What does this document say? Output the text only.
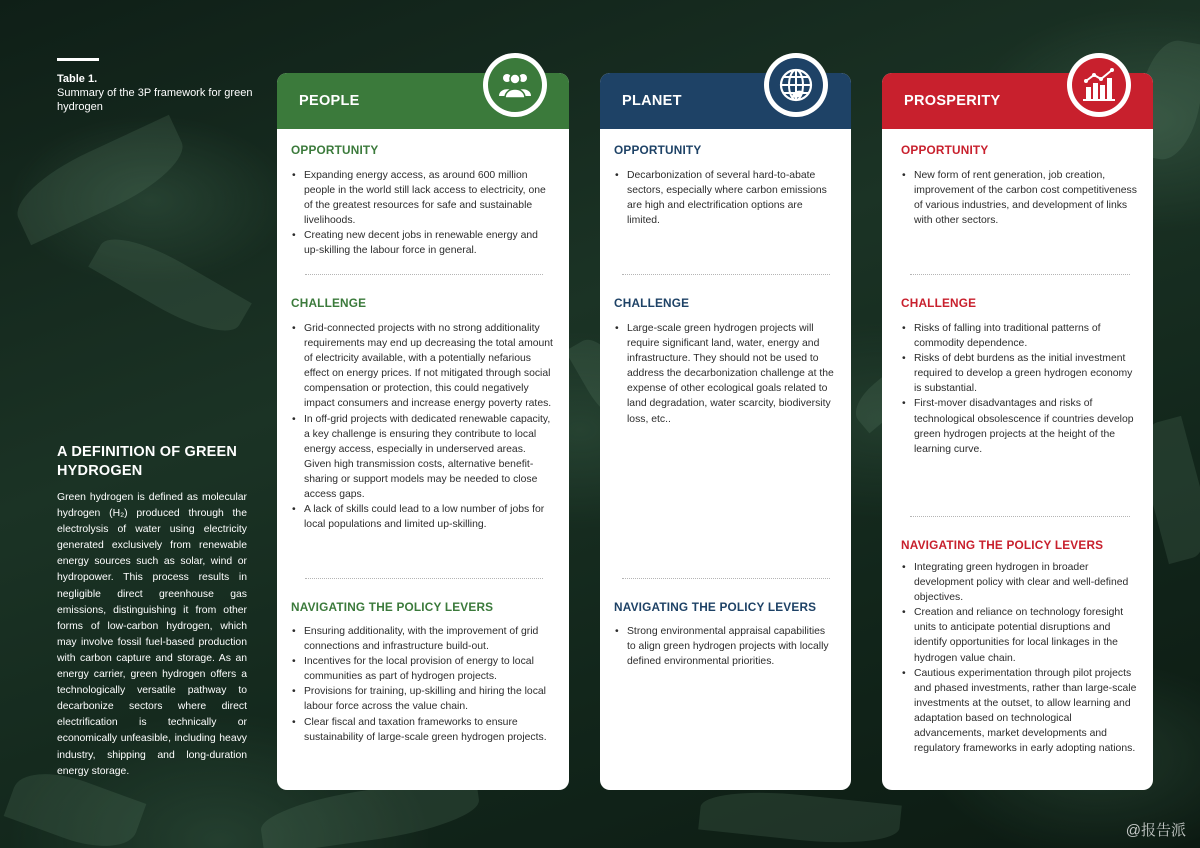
Table 1.
Summary of the 3P framework for green hydrogen
A DEFINITION OF GREEN HYDROGEN
Green hydrogen is defined as molecular hydrogen (H₂) produced through the electrolysis of water using electricity generated exclusively from renewable energy sources such as solar, wind or hydropower. This process results in negligible direct greenhouse gas emissions, distinguishing it from other forms of low-carbon hydrogen, which may involve fossil fuel-based production with carbon capture and storage. As an energy carrier, green hydrogen offers a technologically versatile pathway to decarbonize sectors where direct electrification is technically or economically unfeasible, including heavy industry, shipping and long-duration energy storage.
PEOPLE
OPPORTUNITY
• Expanding energy access, as around 600 million people in the world still lack access to electricity, one of the greatest resources for safe and sustainable livelihoods.
• Creating new decent jobs in renewable energy and up-skilling the labour force in general.
CHALLENGE
• Grid-connected projects with no strong additionality requirements may end up decreasing the total amount of electricity available, with a potentially nefarious effect on energy prices. If not mitigated through social compensation or protection, this could negatively impact consumers and increase energy poverty rates.
• In off-grid projects with dedicated renewable capacity, a key challenge is ensuring they contribute to local energy access, especially in underserved areas. Given high transmission costs, alternative benefit-sharing or support models may be needed to close access gaps.
• A lack of skills could lead to a low number of jobs for local populations and limited up-skilling.
NAVIGATING THE POLICY LEVERS
• Ensuring additionality, with the improvement of grid connections and infrastructure build-out.
• Incentives for the local provision of energy to local communities as part of hydrogen projects.
• Provisions for training, up-skilling and hiring the local labour force across the value chain.
• Clear fiscal and taxation frameworks to ensure sustainability of large-scale green hydrogen projects.
PLANET
OPPORTUNITY
• Decarbonization of several hard-to-abate sectors, especially where carbon emissions are high and electrification options are limited.
CHALLENGE
• Large-scale green hydrogen projects will require significant land, water, energy and infrastructure. They should not be used to address the decarbonization challenge at the expense of other ecological goals related to land degradation, water scarcity, biodiversity loss, etc..
NAVIGATING THE POLICY LEVERS
• Strong environmental appraisal capabilities to align green hydrogen projects with locally defined environmental priorities.
PROSPERITY
OPPORTUNITY
• New form of rent generation, job creation, improvement of the carbon cost competitiveness of various industries, and development of links with other sectors.
CHALLENGE
• Risks of falling into traditional patterns of commodity dependence.
• Risks of debt burdens as the initial investment required to develop a green hydrogen economy is substantial.
• First-mover disadvantages and risks of technological obsolescence if countries develop green hydrogen projects at the height of the learning curve.
NAVIGATING THE POLICY LEVERS
• Integrating green hydrogen in broader development policy with clear and well-defined objectives.
• Creation and reliance on technology foresight units to anticipate potential disruptions and identify opportunities for local linkages in the hydrogen value chain.
• Cautious experimentation through pilot projects and phased investments, rather than large-scale investments at the outset, to allow learning and adaptation based on technological advancements, market developments and regulatory frameworks in early adopting nations.
@报告派
